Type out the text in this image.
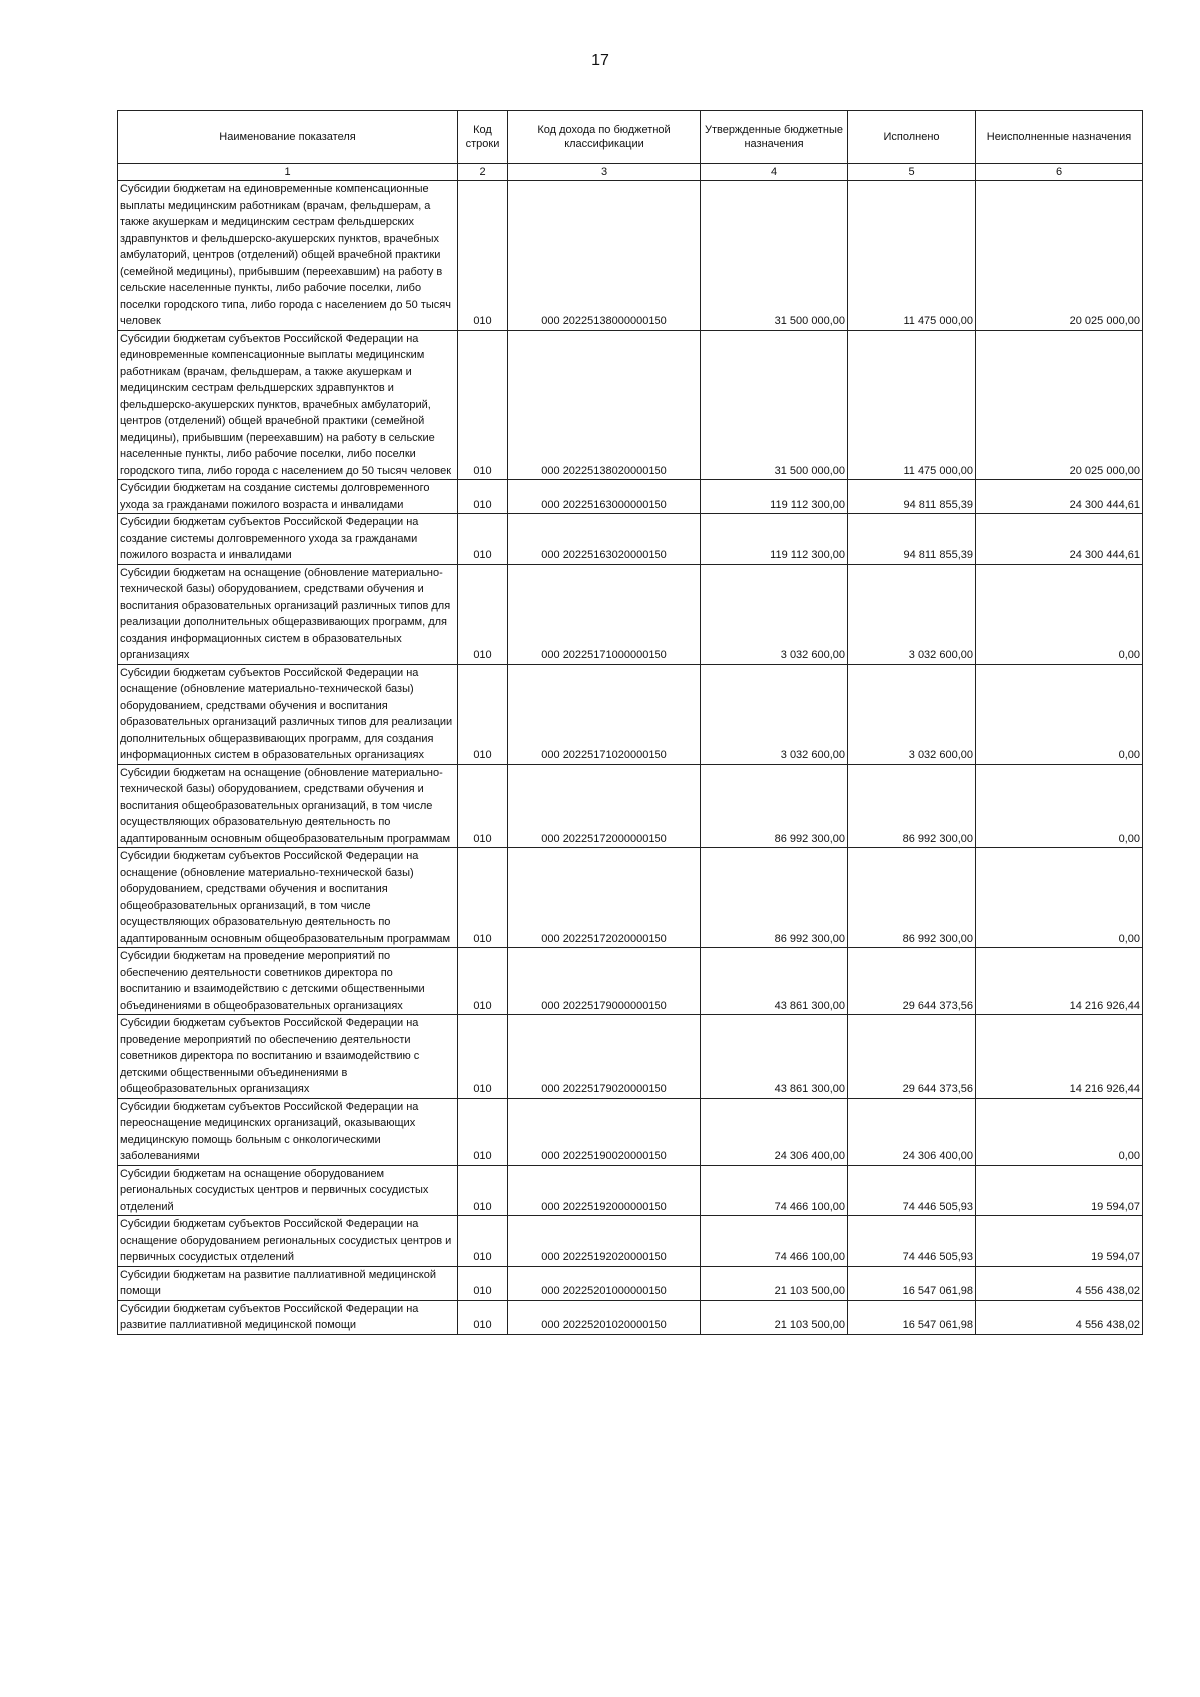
17
Наименование показателя	Код строки	Код дохода по бюджетной классификации	Утвержденные бюджетные назначения	Исполнено	Неисполненные назначения
1	2	3	4	5	6
Субсидии бюджетам на единовременные компенсационные выплаты медицинским работникам (врачам, фельдшерам, а также акушеркам и медицинским сестрам фельдшерских здравпунктов и фельдшерско-акушерских пунктов, врачебных амбулаторий, центров (отделений) общей врачебной практики (семейной медицины), прибывшим (переехавшим) на работу в сельские населенные пункты, либо рабочие поселки, либо поселки городского типа, либо города с населением до 50 тысяч человек	010	000 20225138000000150	31 500 000,00	11 475 000,00	20 025 000,00
Субсидии бюджетам субъектов Российской Федерации на единовременные компенсационные выплаты медицинским работникам (врачам, фельдшерам, а также акушеркам и медицинским сестрам фельдшерских здравпунктов и фельдшерско-акушерских пунктов, врачебных амбулаторий, центров (отделений) общей врачебной практики (семейной медицины), прибывшим (переехавшим) на работу в сельские населенные пункты, либо рабочие поселки, либо поселки городского типа, либо города с населением до 50 тысяч человек	010	000 20225138020000150	31 500 000,00	11 475 000,00	20 025 000,00
Субсидии бюджетам на создание системы долговременного ухода за гражданами пожилого возраста и инвалидами	010	000 20225163000000150	119 112 300,00	94 811 855,39	24 300 444,61
Субсидии бюджетам субъектов Российской Федерации на создание системы долговременного ухода за гражданами пожилого возраста и инвалидами	010	000 20225163020000150	119 112 300,00	94 811 855,39	24 300 444,61
Субсидии бюджетам на оснащение (обновление материально-технической базы) оборудованием, средствами обучения и воспитания образовательных организаций различных типов для реализации дополнительных общеразвивающих программ, для создания информационных систем в образовательных организациях	010	000 20225171000000150	3 032 600,00	3 032 600,00	0,00
Субсидии бюджетам субъектов Российской Федерации на оснащение (обновление материально-технической базы) оборудованием, средствами обучения и воспитания образовательных организаций различных типов для реализации дополнительных общеразвивающих программ, для создания информационных систем в образовательных организациях	010	000 20225171020000150	3 032 600,00	3 032 600,00	0,00
Субсидии бюджетам на оснащение (обновление материально-технической базы) оборудованием, средствами обучения и воспитания общеобразовательных организаций, в том числе осуществляющих образовательную деятельность по адаптированным основным общеобразовательным программам	010	000 20225172000000150	86 992 300,00	86 992 300,00	0,00
Субсидии бюджетам субъектов Российской Федерации на оснащение (обновление материально-технической базы) оборудованием, средствами обучения и воспитания общеобразовательных организаций, в том числе осуществляющих образовательную деятельность по адаптированным основным общеобразовательным программам	010	000 20225172020000150	86 992 300,00	86 992 300,00	0,00
Субсидии бюджетам на проведение мероприятий по обеспечению деятельности советников директора по воспитанию и взаимодействию с детскими общественными объединениями в общеобразовательных организациях	010	000 20225179000000150	43 861 300,00	29 644 373,56	14 216 926,44
Субсидии бюджетам субъектов Российской Федерации на проведение мероприятий по обеспечению деятельности советников директора по воспитанию и взаимодействию с детскими общественными объединениями в общеобразовательных организациях	010	000 20225179020000150	43 861 300,00	29 644 373,56	14 216 926,44
Субсидии бюджетам субъектов Российской Федерации на переоснащение медицинских организаций, оказывающих медицинскую помощь больным с онкологическими заболеваниями	010	000 20225190020000150	24 306 400,00	24 306 400,00	0,00
Субсидии бюджетам на оснащение оборудованием региональных сосудистых центров и первичных сосудистых отделений	010	000 20225192000000150	74 466 100,00	74 446 505,93	19 594,07
Субсидии бюджетам субъектов Российской Федерации на оснащение оборудованием региональных сосудистых центров и первичных сосудистых отделений	010	000 20225192020000150	74 466 100,00	74 446 505,93	19 594,07
Субсидии бюджетам на развитие паллиативной медицинской помощи	010	000 20225201000000150	21 103 500,00	16 547 061,98	4 556 438,02
Субсидии бюджетам субъектов Российской Федерации на развитие паллиативной медицинской помощи	010	000 20225201020000150	21 103 500,00	16 547 061,98	4 556 438,02
